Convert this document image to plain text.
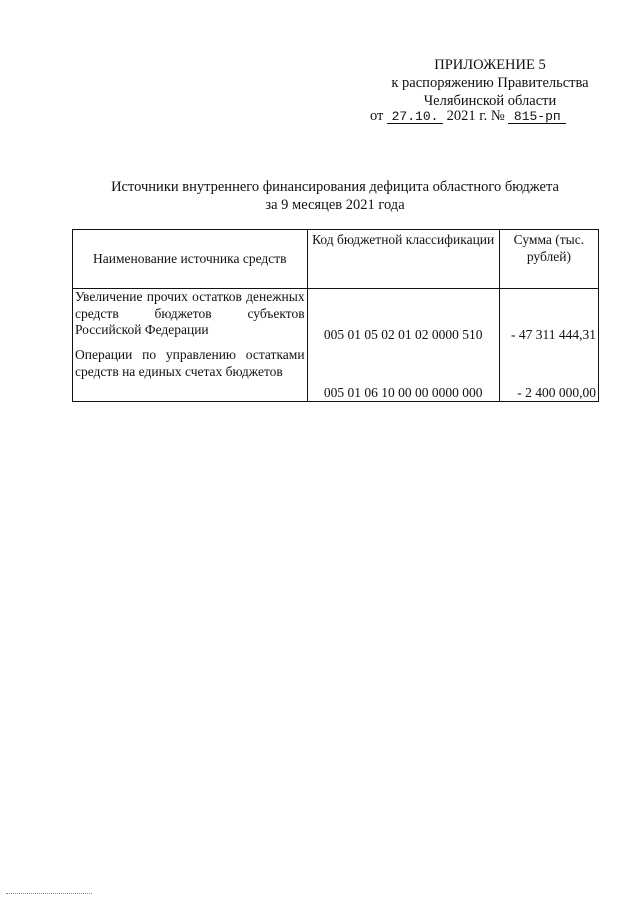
ПРИЛОЖЕНИЕ 5
к распоряжению Правительства
Челябинской области
от 27.10. 2021 г. № 815-рп
Источники внутреннего финансирования дефицита областного бюджета
за 9 месяцев 2021 года
Наименование источника средств	Код бюджетной классификации	Сумма (тыс. рублей)
Увеличение прочих остатков денежных средств бюджетов субъектов Российской Федерации	005 01 05 02 01 02 0000 510	- 47 311 444,31
Операции по управлению остатками средств на единых счетах бюджетов	005 01 06 10 00 00 0000 000	- 2 400 000,00
